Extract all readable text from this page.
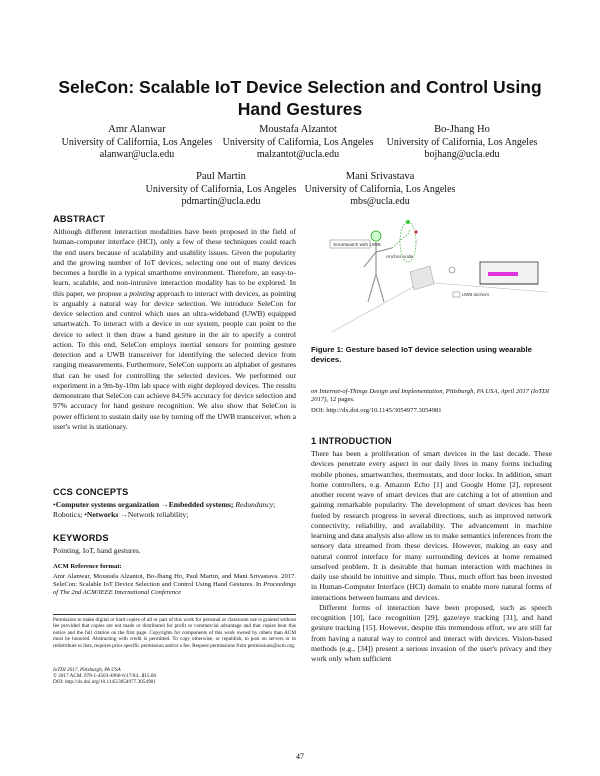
SeleCon: Scalable IoT Device Selection and Control Using Hand Gestures
Amr Alanwar
University of California, Los Angeles
alanwar@ucla.edu
Moustafa Alzantot
University of California, Los Angeles
malzantot@ucla.edu
Bo-Jhang Ho
University of California, Los Angeles
bojhang@ucla.edu
Paul Martin
University of California, Los Angeles
pdmartin@ucla.edu
Mani Srivastava
University of California, Los Angeles
mbs@ucla.edu
ABSTRACT
Although different interaction modalities have been proposed in the field of human-computer interface (HCI), only a few of these techniques could reach the end users because of scalability and usability issues. Given the popularity and the growing number of IoT devices, selecting one out of many devices becomes a hurdle in a typical smarthome environment. Therefore, an easy-to-learn, scalable, and non-intrusive interaction modality has to be explored. In this paper, we propose a pointing approach to interact with devices, as pointing is arguably a natural way for device selection. We introduce SeleCon for device selection and control which uses an ultra-wideband (UWB) equipped smartwatch. To interact with a device in our system, people can point to the device to select it then draw a hand gesture in the air to specify a control action. To this end, SeleCon employs inertial sensors for pointing gesture detection and a UWB transceiver for identifying the selected device from ranging measurements. Furthermore, SeleCon supports an alphabet of gestures that can be used for controlling the selected devices. We performed our experiment in a 9m-by-10m lab space with eight deployed devices. The results demonstrate that SeleCon can achieve 84.5% accuracy for device selection and 97% accuracy for hand gesture recognition. We also show that SeleCon is power efficient to sustain daily use by turning off the UWB transceiver, when a user's wrist is stationary.
CCS CONCEPTS
•Computer systems organization →Embedded systems; Redundancy; Robotics; •Networks →Network reliability;
KEYWORDS
Pointing, IoT, hand gestures.
ACM Reference format:
Amr Alanwar, Moustafa Alzantot, Bo-Jhang Ho, Paul Martin, and Mani Srivastava. 2017. SeleCon: Scalable IoT Device Selection and Control Using Hand Gestures. In Proceedings of The 2nd ACM/IEEE International Conference
Permission to make digital or hard copies of all or part of this work for personal or classroom use is granted without fee provided that copies are not made or distributed for profit or commercial advantage and that copies bear this notice and the full citation on the first page. Copyrights for components of this work owned by others than ACM must be honored. Abstracting with credit is permitted. To copy otherwise, or republish, to post on servers or to redistribute to lists, requires prior specific permission and/or a fee. Request permissions from permissions@acm.org.
IoTDI 2017, Pittsburgh, PA USA
© 2017 ACM. 978-1-4503-4966-6/17/04...$15.00
DOI: http://dx.doi.org/10.1145/3054977.3054981
Smartwatch with UWB
Anchor node
UWB anchors
Figure 1: Gesture based IoT device selection using wearable devices.
on Internet-of-Things Design and Implementation, Pittsburgh, PA USA, April 2017 (IoTDI 2017), 12 pages.
DOI: http://dx.doi.org/10.1145/3054977.3054981
1 INTRODUCTION

There has been a proliferation of smart devices in the last decade. These devices penetrate every aspect in our daily lives in many forms including mobile phones, smartwatches, thermostats, and door locks. In addition, smart home controllers, e.g. Amazon Echo [1] and Google Home [2], represent another recent wave of smart devices that are catching a lot of attention and gaining remarkable popularity. The development of smart devices has been fueled by research progress in several directions, such as improved network connectivity, reliability, and availability. The advancement in machine learning and data analysis also allow us to make semantics inferences from the sensory data streamed from these devices. However, making an easy and natural control interface for many surrounding devices at home remained unsolved problem. It is desirable that human interaction with machines in daily use should be intuitive and simple. Thus, much effort has been invested in Human-Computer Interface (HCI) domain to enable more natural forms of interactions between humans and devices.

Different forms of interaction have been proposed, such as speech recognition [10], face recognition [29], gaze/eye tracking [31], and hand gesture tracking [15]. However, despite this tremendous effort, we are still far from having a natural way to control and interact with devices. Vision-based methods (e.g., [34]) present a serious invasion of the user's privacy and they work only when sufficient

47
